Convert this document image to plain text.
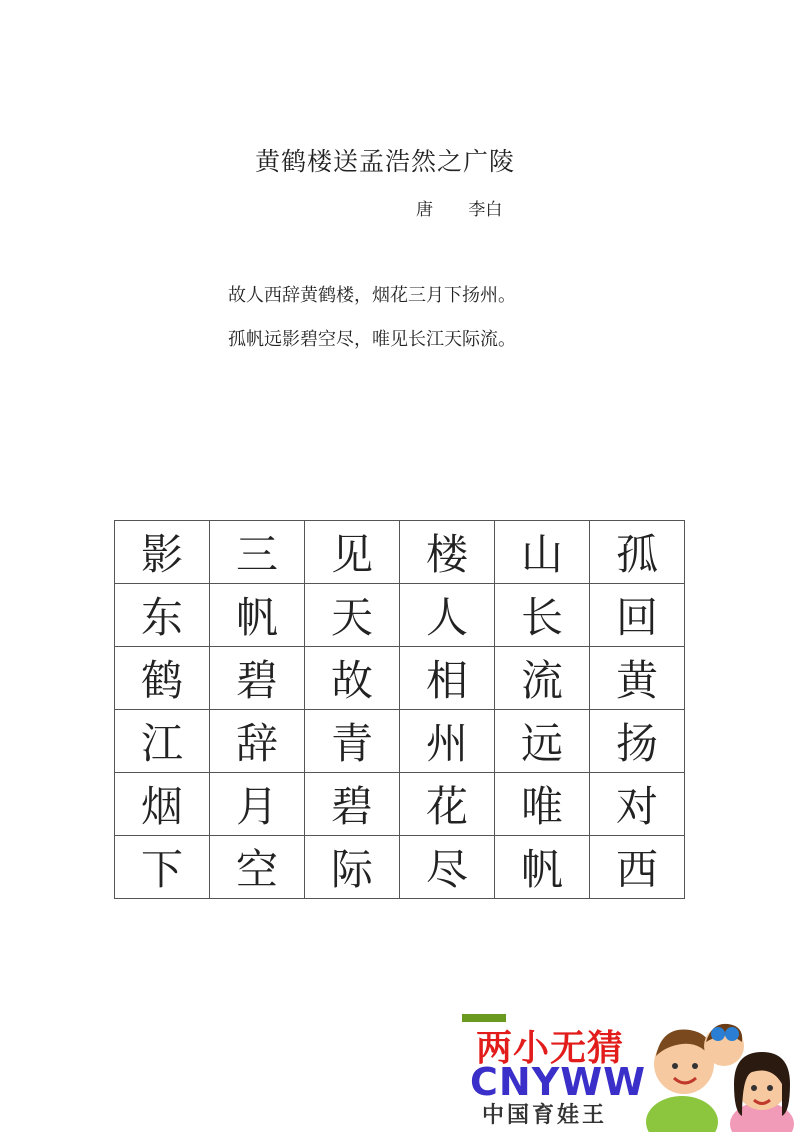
黄鹤楼送孟浩然之广陵
唐 李白
故人西辞黄鹤楼，烟花三月下扬州。
孤帆远影碧空尽，唯见长江天际流。
影	三	见	楼	山	孤
东	帆	天	人	长	回
鹤	碧	故	相	流	黄
江	辞	青	州	远	扬
烟	月	碧	花	唯	对
下	空	际	尽	帆	西
两小无猜
CNYWW
中国育娃王
